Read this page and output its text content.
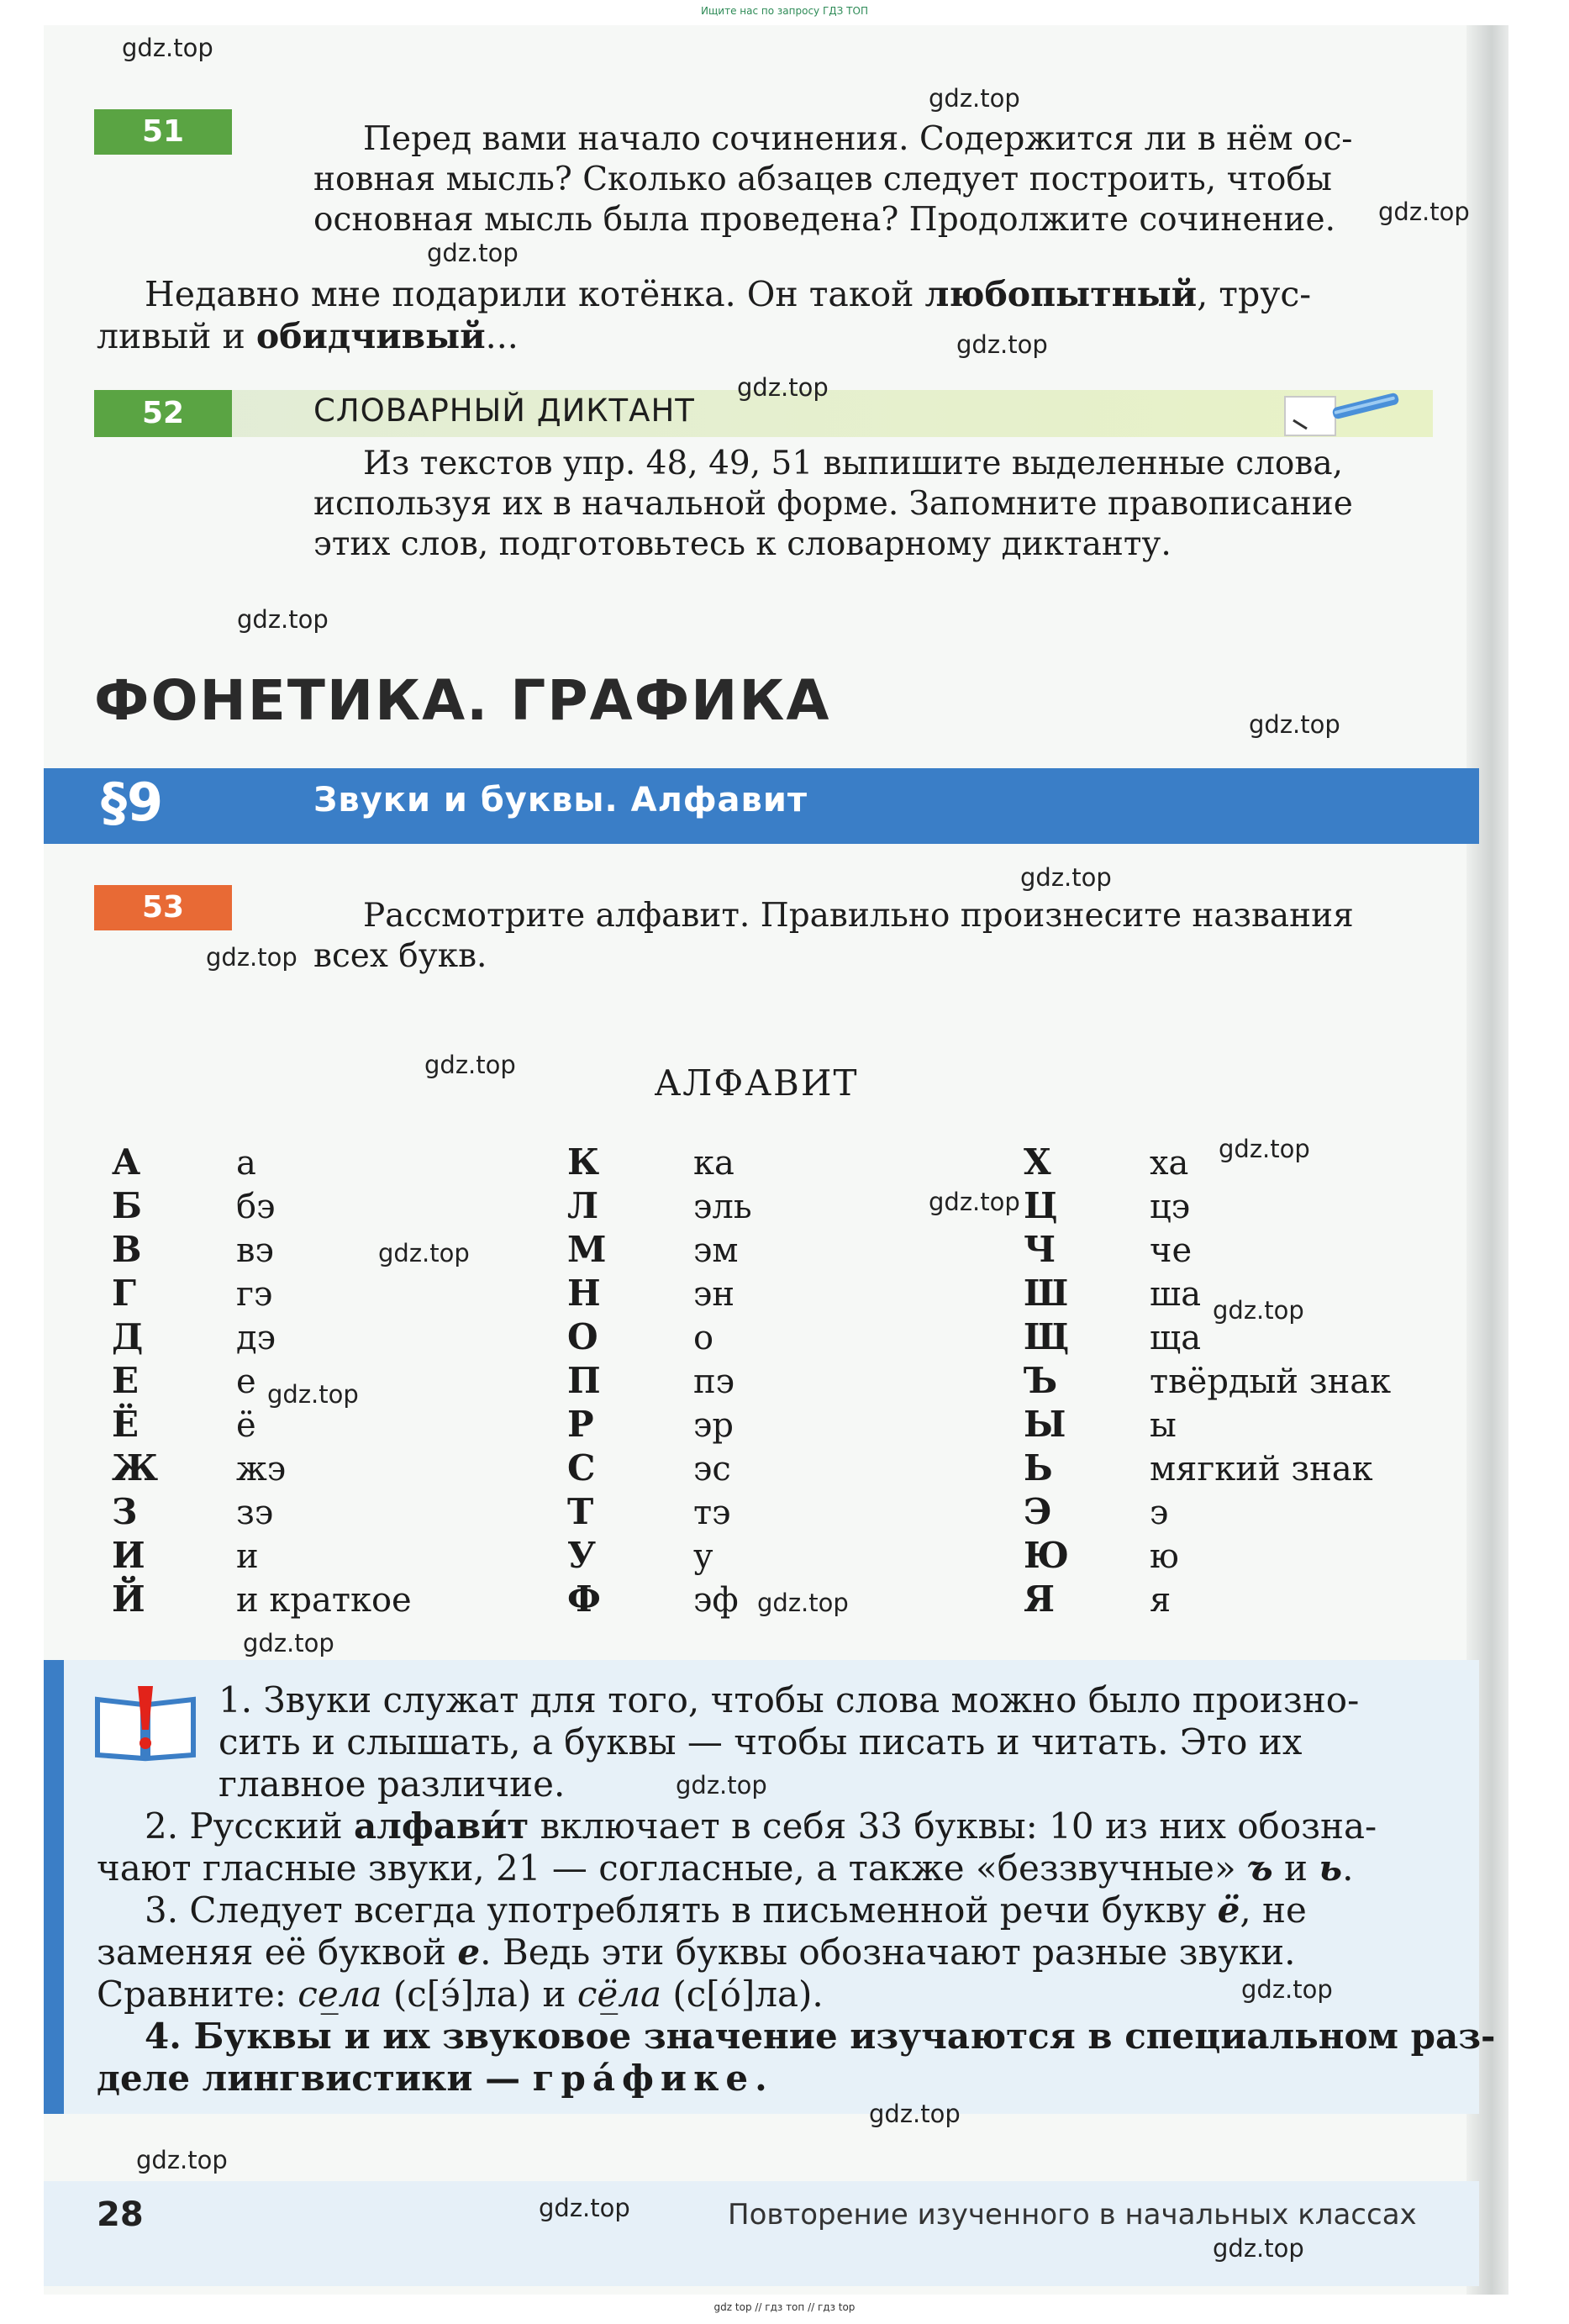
Ищите нас по запросу ГДЗ ТОП
51	Перед вами начало сочинения. Содержится ли в нём ос-
новная мысль? Сколько абзацев следует построить, чтобы
основная мысль была проведена? Продолжите сочинение.
Недавно мне подарили котёнка. Он такой любопытный, трус-
ливый и обидчивый...
52	СЛОВАРНЫЙ ДИКТАНТ
Из текстов упр. 48, 49, 51 выпишите выделенные слова,
используя их в начальной форме. Запомните правописание
этих слов, подготовьтесь к словарному диктанту.
ФОНЕТИКА. ГРАФИКА
§9	Звуки и буквы. Алфавит
53	Рассмотрите алфавит. Правильно произнесите названия
всех букв.
АЛФАВИТ
А	а
Б	бэ
В	вэ
Г	гэ
Д	дэ
Е	е
Ё	ё
Ж жэ
З	зэ
И	и
Й	и краткое
К	ка
Л	эль
М	эм
Н	эн
О	о
П	пэ
Р	эр
С	эс
Т	тэ
У	у
Ф	эф
Х	ха
Ц	цэ
Ч	че
Ш ша
Щ ща
Ъ	твёрдый знак
Ы ы
Ь	мягкий знак
Э	э
Ю ю
Я	я
1. Звуки служат для того, чтобы слова можно было произно-
сить и слышать, а буквы — чтобы писать и читать. Это их
главное различие.
2. Русский алфави́т включает в себя 33 буквы: 10 из них обозна-
чают гласные звуки, 21 — согласные, а также «беззвучные» ъ и ь.
3. Следует всегда употреблять в письменной речи букву ё, не
заменяя её буквой е. Ведь эти буквы обозначают разные звуки.
Сравните: се̲ла (с[э́]ла) и сё̲ла (с[о́]ла).
4. Буквы и их звуковое значение изучаются в специальном раз-
деле лингвистики — гра́фике.
28	Повторение изученного в начальных классах
gdz.top
gdz.top
gdz.top
gdz.top
gdz.top
gdz.top
gdz.top
gdz.top
gdz.top
gdz.top
gdz.top
gdz.top
gdz.top
gdz.top
gdz.top
gdz.top
gdz.top
gdz.top
gdz.top
gdz.top
gdz.top
gdz.top
gdz.top
gdz.top
gdz top // гдз топ // гдз top
